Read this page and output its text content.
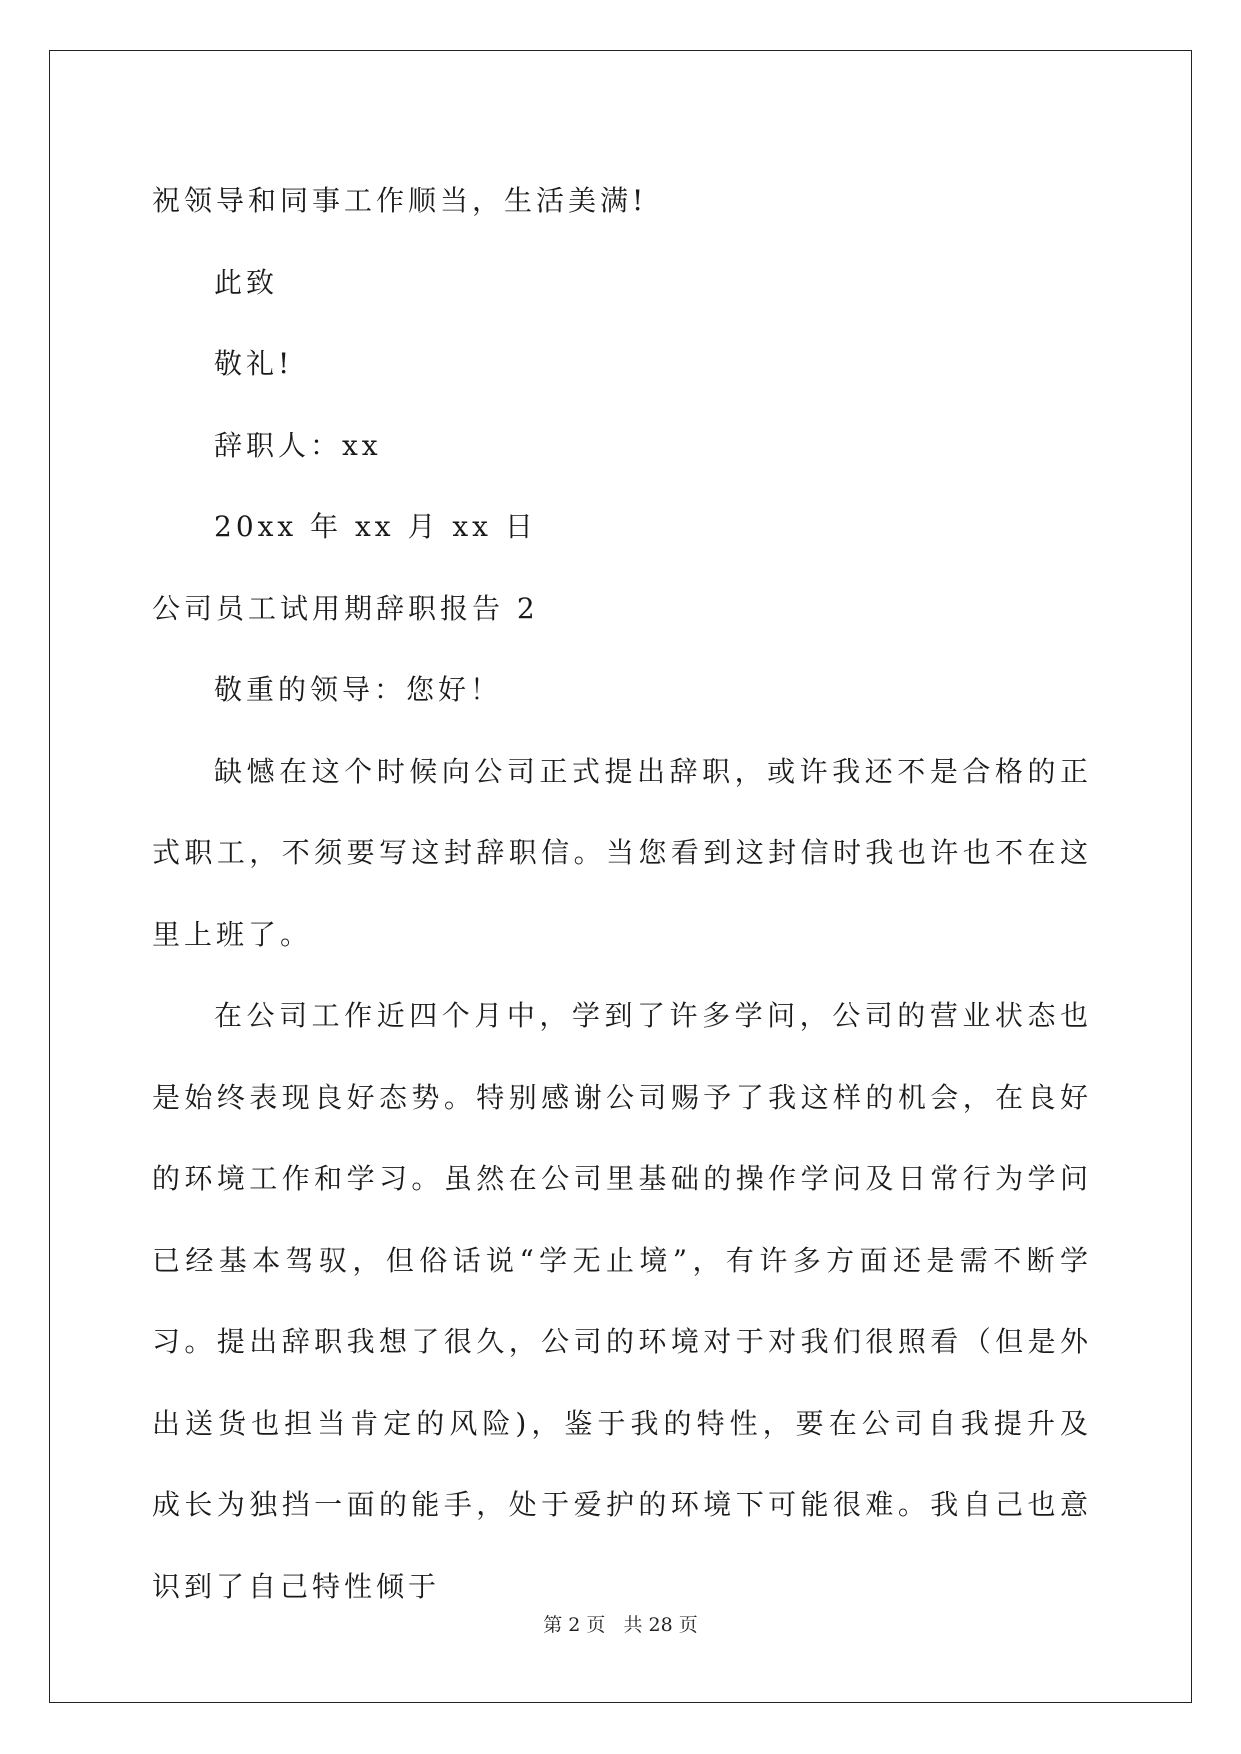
祝领导和同事工作顺当，生活美满!
此致
敬礼!
辞职人：xx
20xx 年 xx 月 xx 日
公司员工试用期辞职报告 2
敬重的领导：您好！
缺憾在这个时候向公司正式提出辞职，或许我还不是合格的正式职工，不须要写这封辞职信。当您看到这封信时我也许也不在这里上班了。
在公司工作近四个月中，学到了许多学问，公司的营业状态也是始终表现良好态势。特别感谢公司赐予了我这样的机会，在良好的环境工作和学习。虽然在公司里基础的操作学问及日常行为学问已经基本驾驭，但俗话说“学无止境”，有许多方面还是需不断学习。提出辞职我想了很久，公司的环境对于对我们很照看（但是外出送货也担当肯定的风险)，鉴于我的特性，要在公司自我提升及成长为独挡一面的能手，处于爱护的环境下可能很难。我自己也意识到了自己特性倾于
第 2 页 共 28 页
